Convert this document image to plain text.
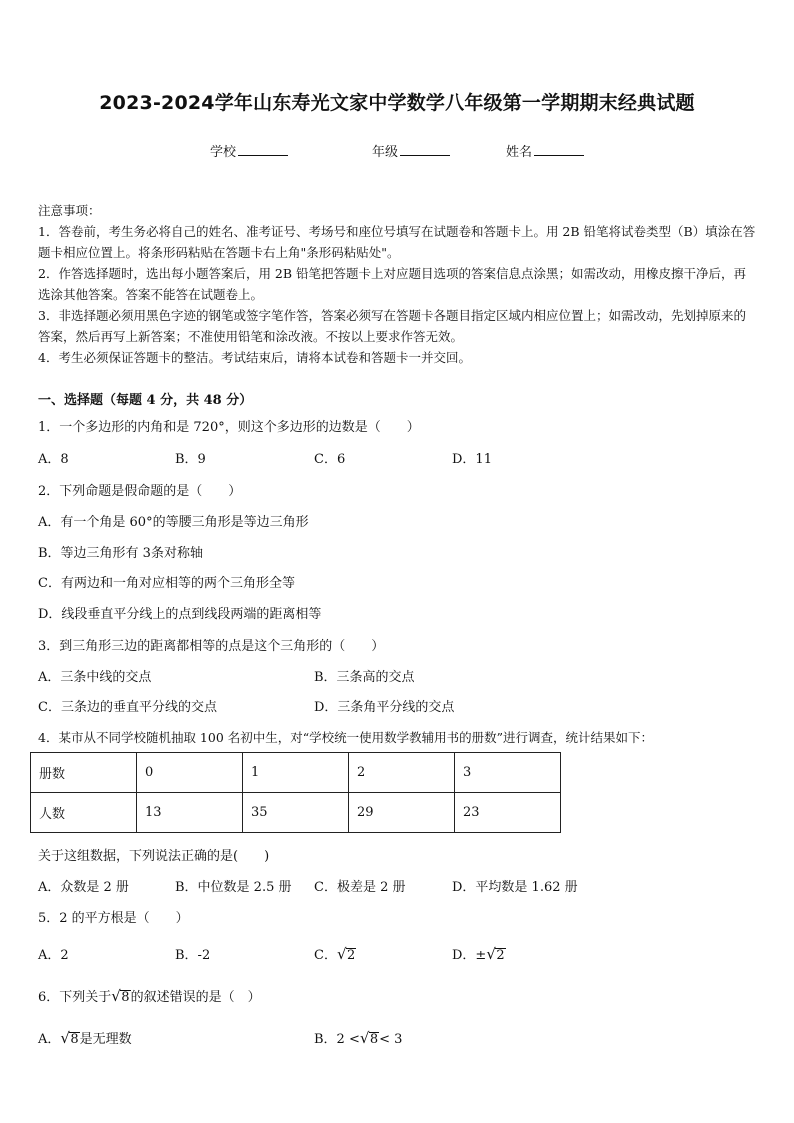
2023-2024学年山东寿光文家中学数学八年级第一学期期末经典试题
学校	年级	姓名
注意事项：
1．答卷前，考生务必将自己的姓名、准考证号、考场号和座位号填写在试题卷和答题卡上。用 2B 铅笔将试卷类型（B）填涂在答题卡相应位置上。将条形码粘贴在答题卡右上角"条形码粘贴处"。
2．作答选择题时，选出每小题答案后，用 2B 铅笔把答题卡上对应题目选项的答案信息点涂黑；如需改动，用橡皮擦干净后，再选涂其他答案。答案不能答在试题卷上。
3．非选择题必须用黑色字迹的钢笔或签字笔作答，答案必须写在答题卡各题目指定区域内相应位置上；如需改动，先划掉原来的答案，然后再写上新答案；不准使用铅笔和涂改液。不按以上要求作答无效。
4．考生必须保证答题卡的整洁。考试结束后，请将本试卷和答题卡一并交回。
一、选择题（每题 4 分，共 48 分）
1．一个多边形的内角和是 720°，则这个多边形的边数是（　　）
A．8	B．9	C．6	D．11
2．下列命题是假命题的是（　　）
A．有一个角是 60°的等腰三角形是等边三角形
B．等边三角形有 3条对称轴
C．有两边和一角对应相等的两个三角形全等
D．线段垂直平分线上的点到线段两端的距离相等
3．到三角形三边的距离都相等的点是这个三角形的（　　）
A．三条中线的交点	B．三条高的交点
C．三条边的垂直平分线的交点	D．三条角平分线的交点
4．某市从不同学校随机抽取 100 名初中生，对“学校统一使用数学教辅用书的册数”进行调查，统计结果如下：
册数	0	1	2	3
人数	13	35	29	23
关于这组数据，下列说法正确的是(　　)
A．众数是 2 册	B．中位数是 2.5 册 C．极差是 2 册	D．平均数是 1.62 册
5．2 的平方根是（　　）
A．2	B．-2	C． √ 2	D．± √ 2
6．下列关于 √ 8的叙述错误的是（　）
A． √ 8是无理数	B．2 < √ 8< 3
